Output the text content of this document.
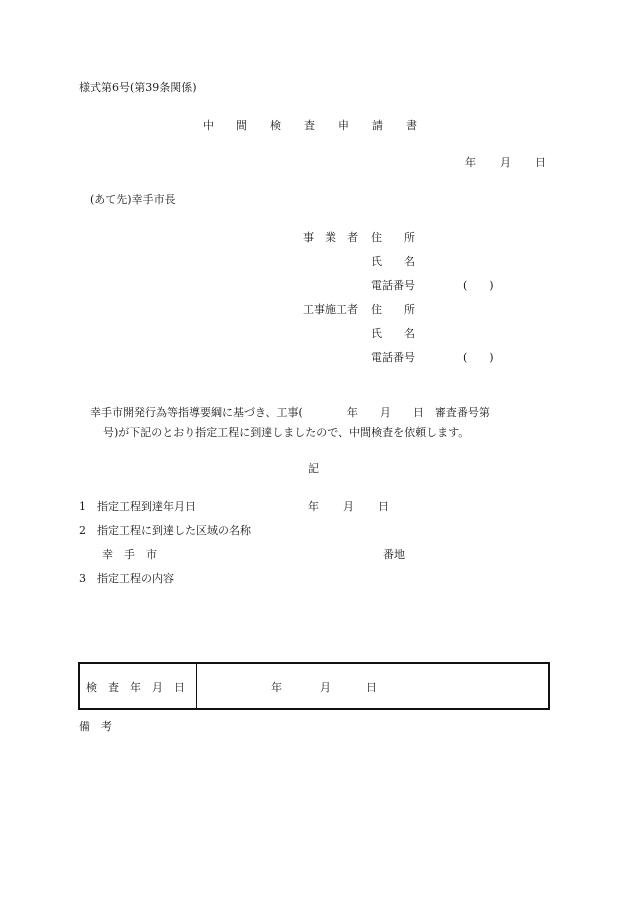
様式第6号(第39条関係)
中 間 検 査 申 請 書
年 月 日
(あて先)幸手市長
事　業　者 住　　所
氏　　名
電話番号	(　　)
工事施工者 住　　所
氏　　名
電話番号	(　　)
幸手市開発行為等指導要綱に基づき、工事(　　　　年　　月　　日　審査番号第
号)が下記のとおり指定工程に到達しましたので、中間検査を依頼します。
記
1　指定工程到達年月日	年 月 日
2　指定工程に到達した区域の名称
幸　手　市	番地
3　指定工程の内容
検　査　年　月　日	年	月	日
備　考
